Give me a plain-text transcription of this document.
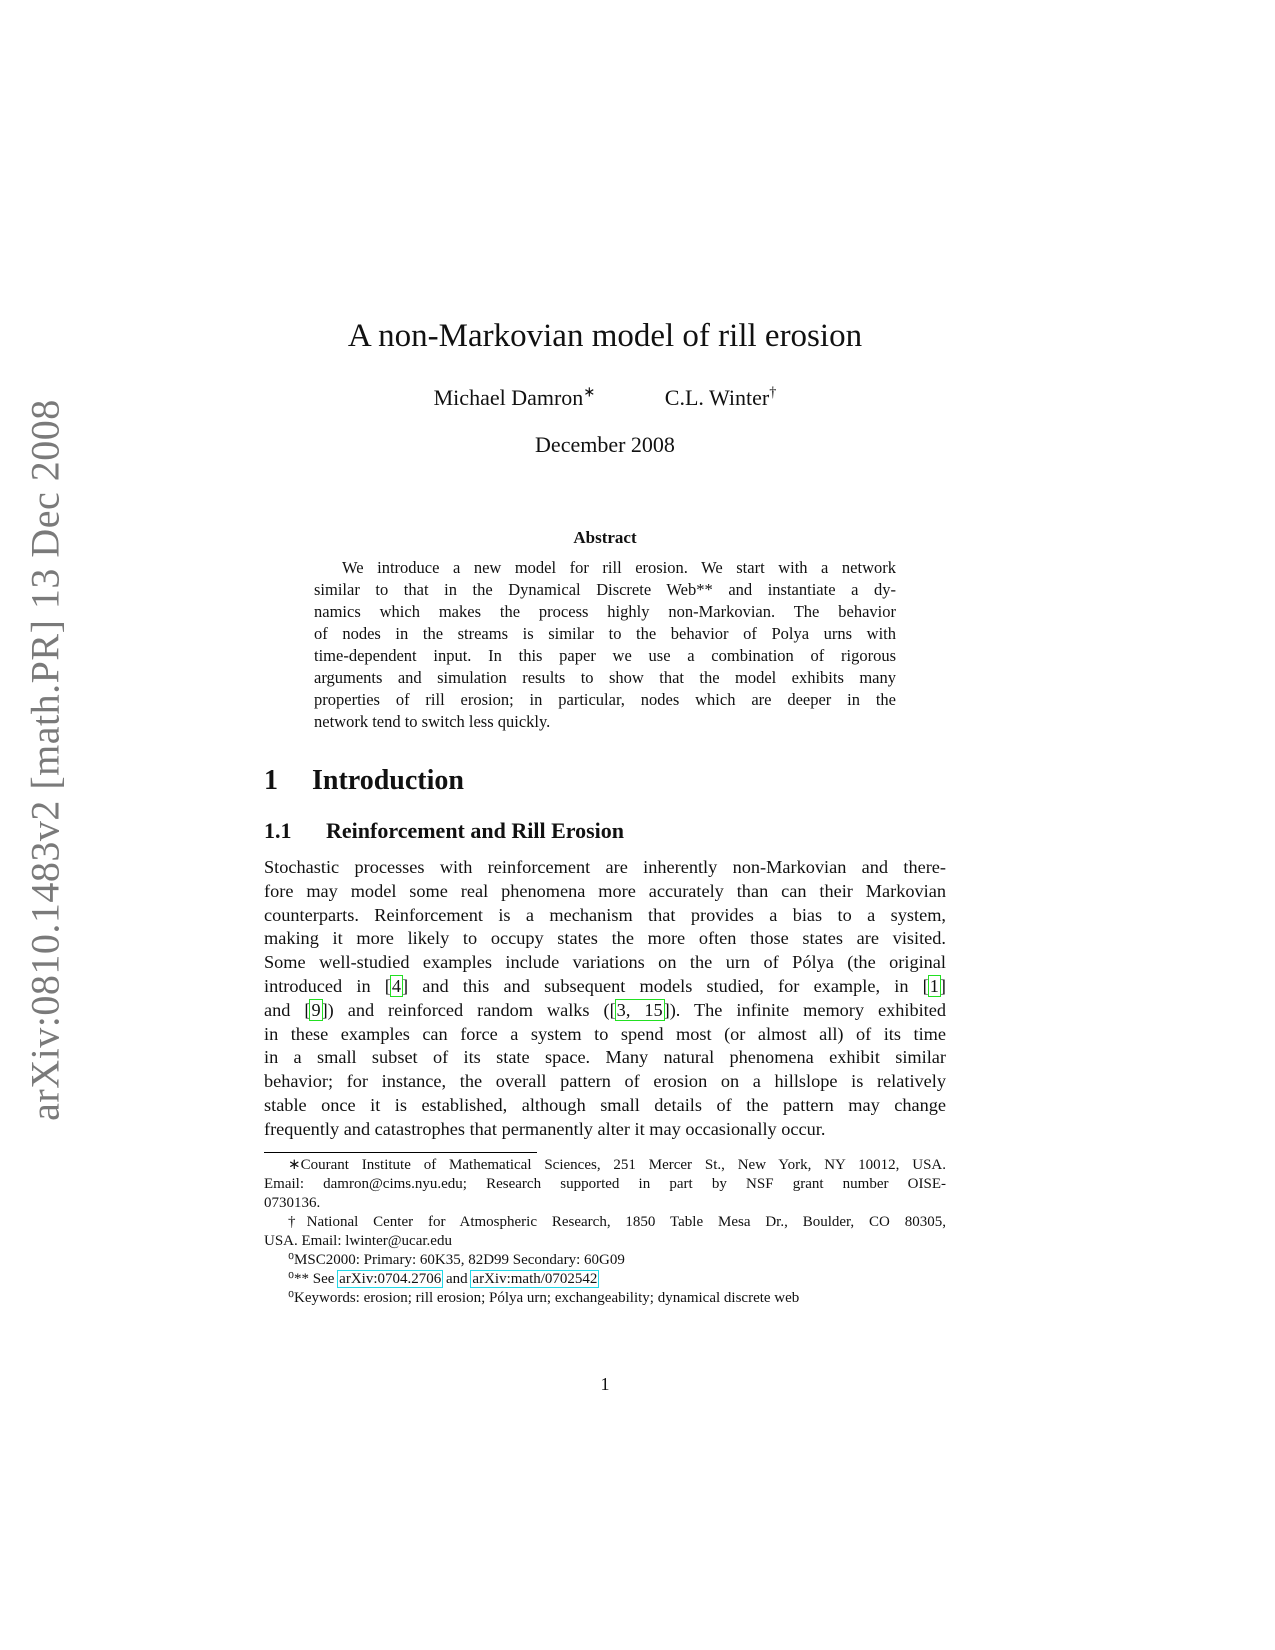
arXiv:0810.1483v2 [math.PR] 13 Dec 2008
A non-Markovian model of rill erosion
Michael Damron∗	C.L. Winter†
December 2008
Abstract
We introduce a new model for rill erosion. We start with a network
similar to that in the Dynamical Discrete Web** and instantiate a dy-
namics which makes the process highly non-Markovian. The behavior
of nodes in the streams is similar to the behavior of Polya urns with
time-dependent input. In this paper we use a combination of rigorous
arguments and simulation results to show that the model exhibits many
properties of rill erosion; in particular, nodes which are deeper in the
network tend to switch less quickly.
1 Introduction
1.1 Reinforcement and Rill Erosion
Stochastic processes with reinforcement are inherently non-Markovian and there-
fore may model some real phenomena more accurately than can their Markovian
counterparts. Reinforcement is a mechanism that provides a bias to a system,
making it more likely to occupy states the more often those states are visited.
Some well-studied examples include variations on the urn of Pólya (the original
introduced in [4] and this and subsequent models studied, for example, in [1]
and [9]) and reinforced random walks ([3, 15]). The infinite memory exhibited
in these examples can force a system to spend most (or almost all) of its time
in a small subset of its state space. Many natural phenomena exhibit similar
behavior; for instance, the overall pattern of erosion on a hillslope is relatively
stable once it is established, although small details of the pattern may change
frequently and catastrophes that permanently alter it may occasionally occur.
∗Courant Institute of Mathematical Sciences, 251 Mercer St., New York, NY 10012, USA.
Email: damron@cims.nyu.edu; Research supported in part by NSF grant number OISE-
0730136.
†National Center for Atmospheric Research, 1850 Table Mesa Dr., Boulder, CO 80305,
USA. Email: lwinter@ucar.edu
⁰MSC2000: Primary: 60K35, 82D99 Secondary: 60G09
⁰** See arXiv:0704.2706 and arXiv:math/0702542
⁰Keywords: erosion; rill erosion; Pólya urn; exchangeability; dynamical discrete web
1
